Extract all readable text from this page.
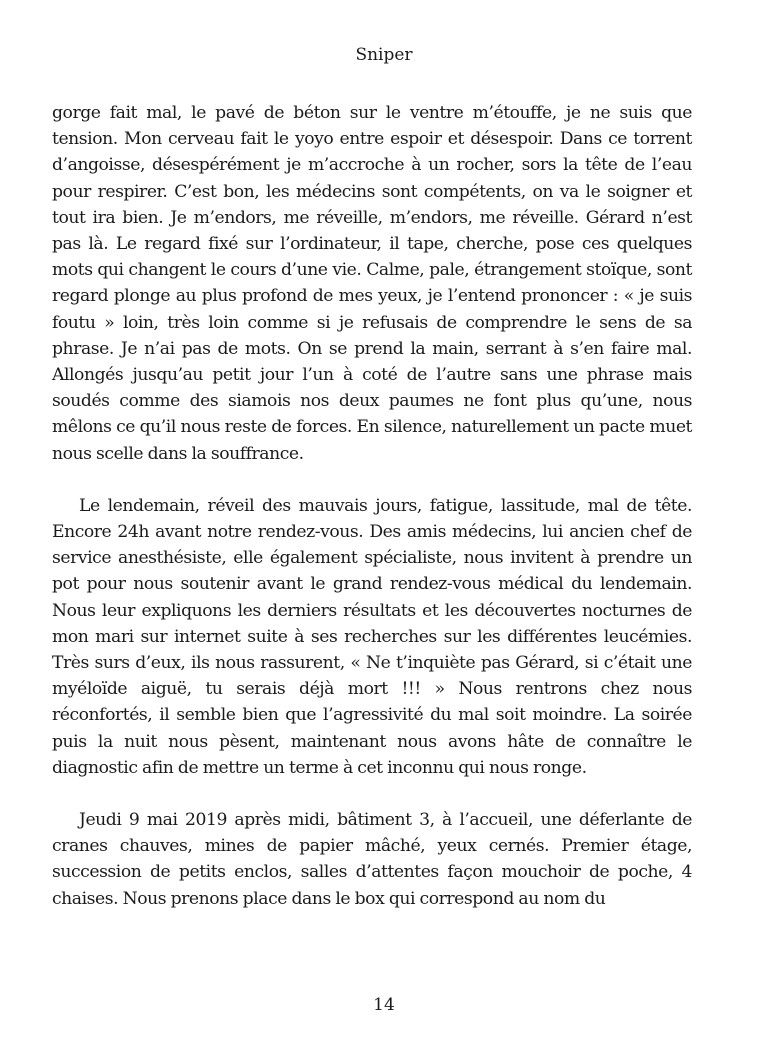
Sniper

gorge fait mal, le pavé de béton sur le ventre m’étouffe, je ne suis que tension. Mon cerveau fait le yoyo entre espoir et désespoir. Dans ce torrent d’angoisse, désespérément je m’accroche à un rocher, sors la tête de l’eau pour respirer. C’est bon, les médecins sont compétents, on va le soigner et tout ira bien. Je m’endors, me réveille, m’endors, me réveille. Gérard n’est pas là. Le regard fixé sur l’ordinateur, il tape, cherche, pose ces quelques mots qui changent le cours d’une vie. Calme, pale, étrangement stoïque, sont regard plonge au plus profond de mes yeux, je l’entend prononcer : « je suis foutu » loin, très loin comme si je refusais de comprendre le sens de sa phrase. Je n’ai pas de mots. On se prend la main, serrant à s’en faire mal. Allongés jusqu’au petit jour l’un à coté de l’autre sans une phrase mais soudés comme des siamois nos deux paumes ne font plus qu’une, nous mêlons ce qu’il nous reste de forces. En silence, naturellement un pacte muet nous scelle dans la souffrance.

Le lendemain, réveil des mauvais jours, fatigue, lassitude, mal de tête. Encore 24h avant notre rendez-vous. Des amis médecins, lui ancien chef de service anesthésiste, elle également spécialiste, nous invitent à prendre un pot pour nous soutenir avant le grand rendez-vous médical du lendemain. Nous leur expliquons les derniers résultats et les découvertes nocturnes de mon mari sur internet suite à ses recherches sur les différentes leucémies. Très surs d’eux, ils nous rassurent, « Ne t’inquiète pas Gérard, si c’était une myéloïde aiguë, tu serais déjà mort !!! » Nous rentrons chez nous réconfortés, il semble bien que l’agressivité du mal soit moindre. La soirée puis la nuit nous pèsent, maintenant nous avons hâte de connaître le diagnostic afin de mettre un terme à cet inconnu qui nous ronge.

Jeudi 9 mai 2019 après midi, bâtiment 3, à l’accueil, une déferlante de cranes chauves, mines de papier mâché, yeux cernés. Premier étage, succession de petits enclos, salles d’attentes façon mouchoir de poche, 4 chaises. Nous prenons place dans le box qui correspond au nom du

14
